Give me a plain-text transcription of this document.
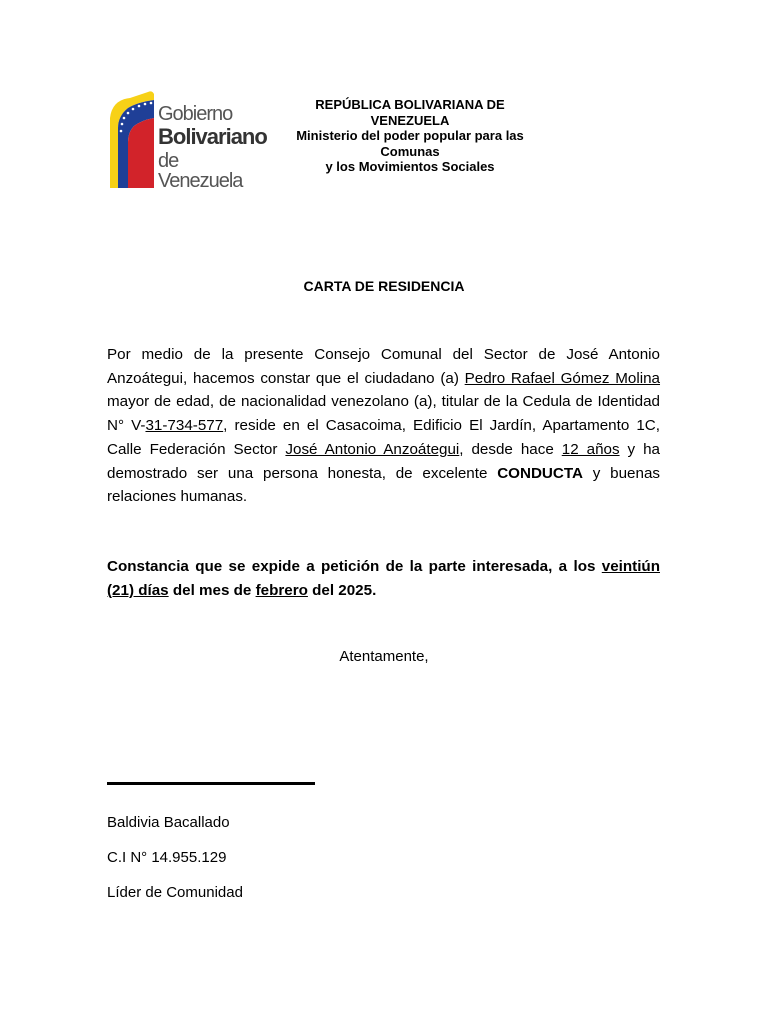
Gobierno
Bolivariano
de Venezuela

REPÚBLICA BOLIVARIANA DE VENEZUELA

Ministerio del poder popular para las Comunas

y los Movimientos Sociales

CARTA DE RESIDENCIA

Por medio de la presente Consejo Comunal del Sector de José Antonio Anzoátegui, hacemos constar que el ciudadano (a) Pedro Rafael Gómez Molina mayor de edad, de nacionalidad venezolano (a), titular de la Cedula de Identidad N° V-31-734-577, reside en el Casacoima, Edificio El Jardín, Apartamento 1C, Calle Federación Sector José Antonio Anzoátegui, desde hace 12 años y ha demostrado ser una persona honesta, de excelente CONDUCTA y buenas relaciones humanas.

Constancia que se expide a petición de la parte interesada, a los veintiún (21) días del mes de febrero del 2025.

Atentamente,
Baldivia Bacallado
C.I N° 14.955.129
Líder de Comunidad
